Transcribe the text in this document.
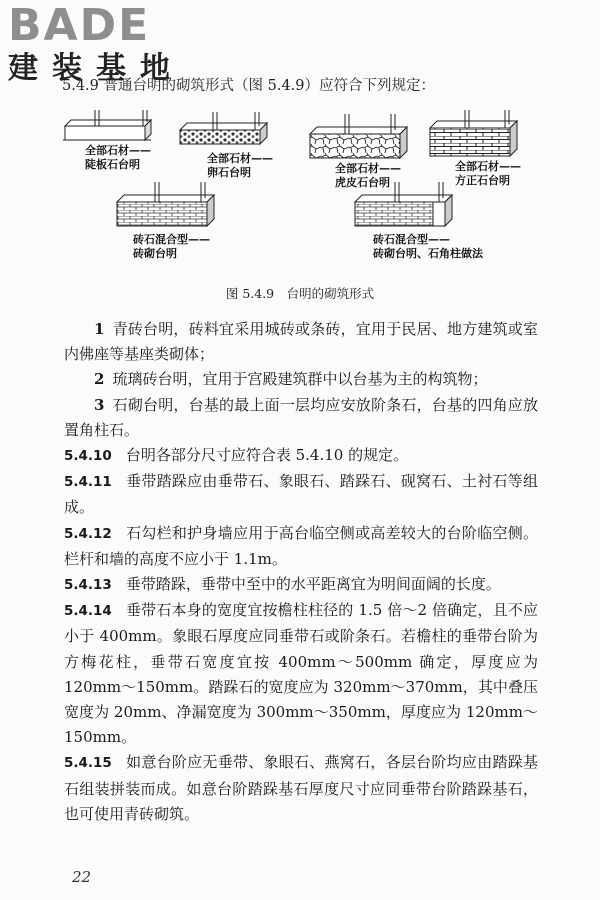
BADE
建装基地
5.4.9 普通台明的砌筑形式（图 5.4.9）应符合下列规定：
全部石材——
陡板石台明	全部石材——
卵石台明	全部石材——
虎皮石台明
全部石材——
方正石台明
砖石混合型——
砖砌台明
砖石混合型——
砖砌台明、石角柱做法
图 5.4.9　台明的砌筑形式
1 青砖台明，砖料宜采用城砖或条砖，宜用于民居、地方建筑或室内佛座等基座类砌体；
2 琉璃砖台明，宜用于宫殿建筑群中以台基为主的构筑物；
3 石砌台明，台基的最上面一层均应安放阶条石，台基的四角应放置角柱石。
5.4.10 台明各部分尺寸应符合表 5.4.10 的规定。
5.4.11 垂带踏跺应由垂带石、象眼石、踏跺石、砚窝石、土衬石等组成。
5.4.12 石勾栏和护身墙应用于高台临空侧或高差较大的台阶临空侧。栏杆和墙的高度不应小于 1.1m。
5.4.13 垂带踏跺，垂带中至中的水平距离宜为明间面阔的长度。
5.4.14 垂带石本身的宽度宜按檐柱柱径的 1.5 倍～2 倍确定，且不应小于 400mm。象眼石厚度应同垂带石或阶条石。若檐柱的垂带台阶为方梅花柱，垂带石宽度宜按 400mm～500mm 确定，厚度应为 120mm～150mm。踏跺石的宽度应为 320mm～370mm，其中叠压宽度为 20mm、净漏宽度为 300mm～350mm，厚度应为 120mm～150mm。
5.4.15 如意台阶应无垂带、象眼石、燕窝石，各层台阶均应由踏跺基石组装拼装而成。如意台阶踏跺基石厚度尺寸应同垂带台阶踏跺基石，也可使用青砖砌筑。
22
